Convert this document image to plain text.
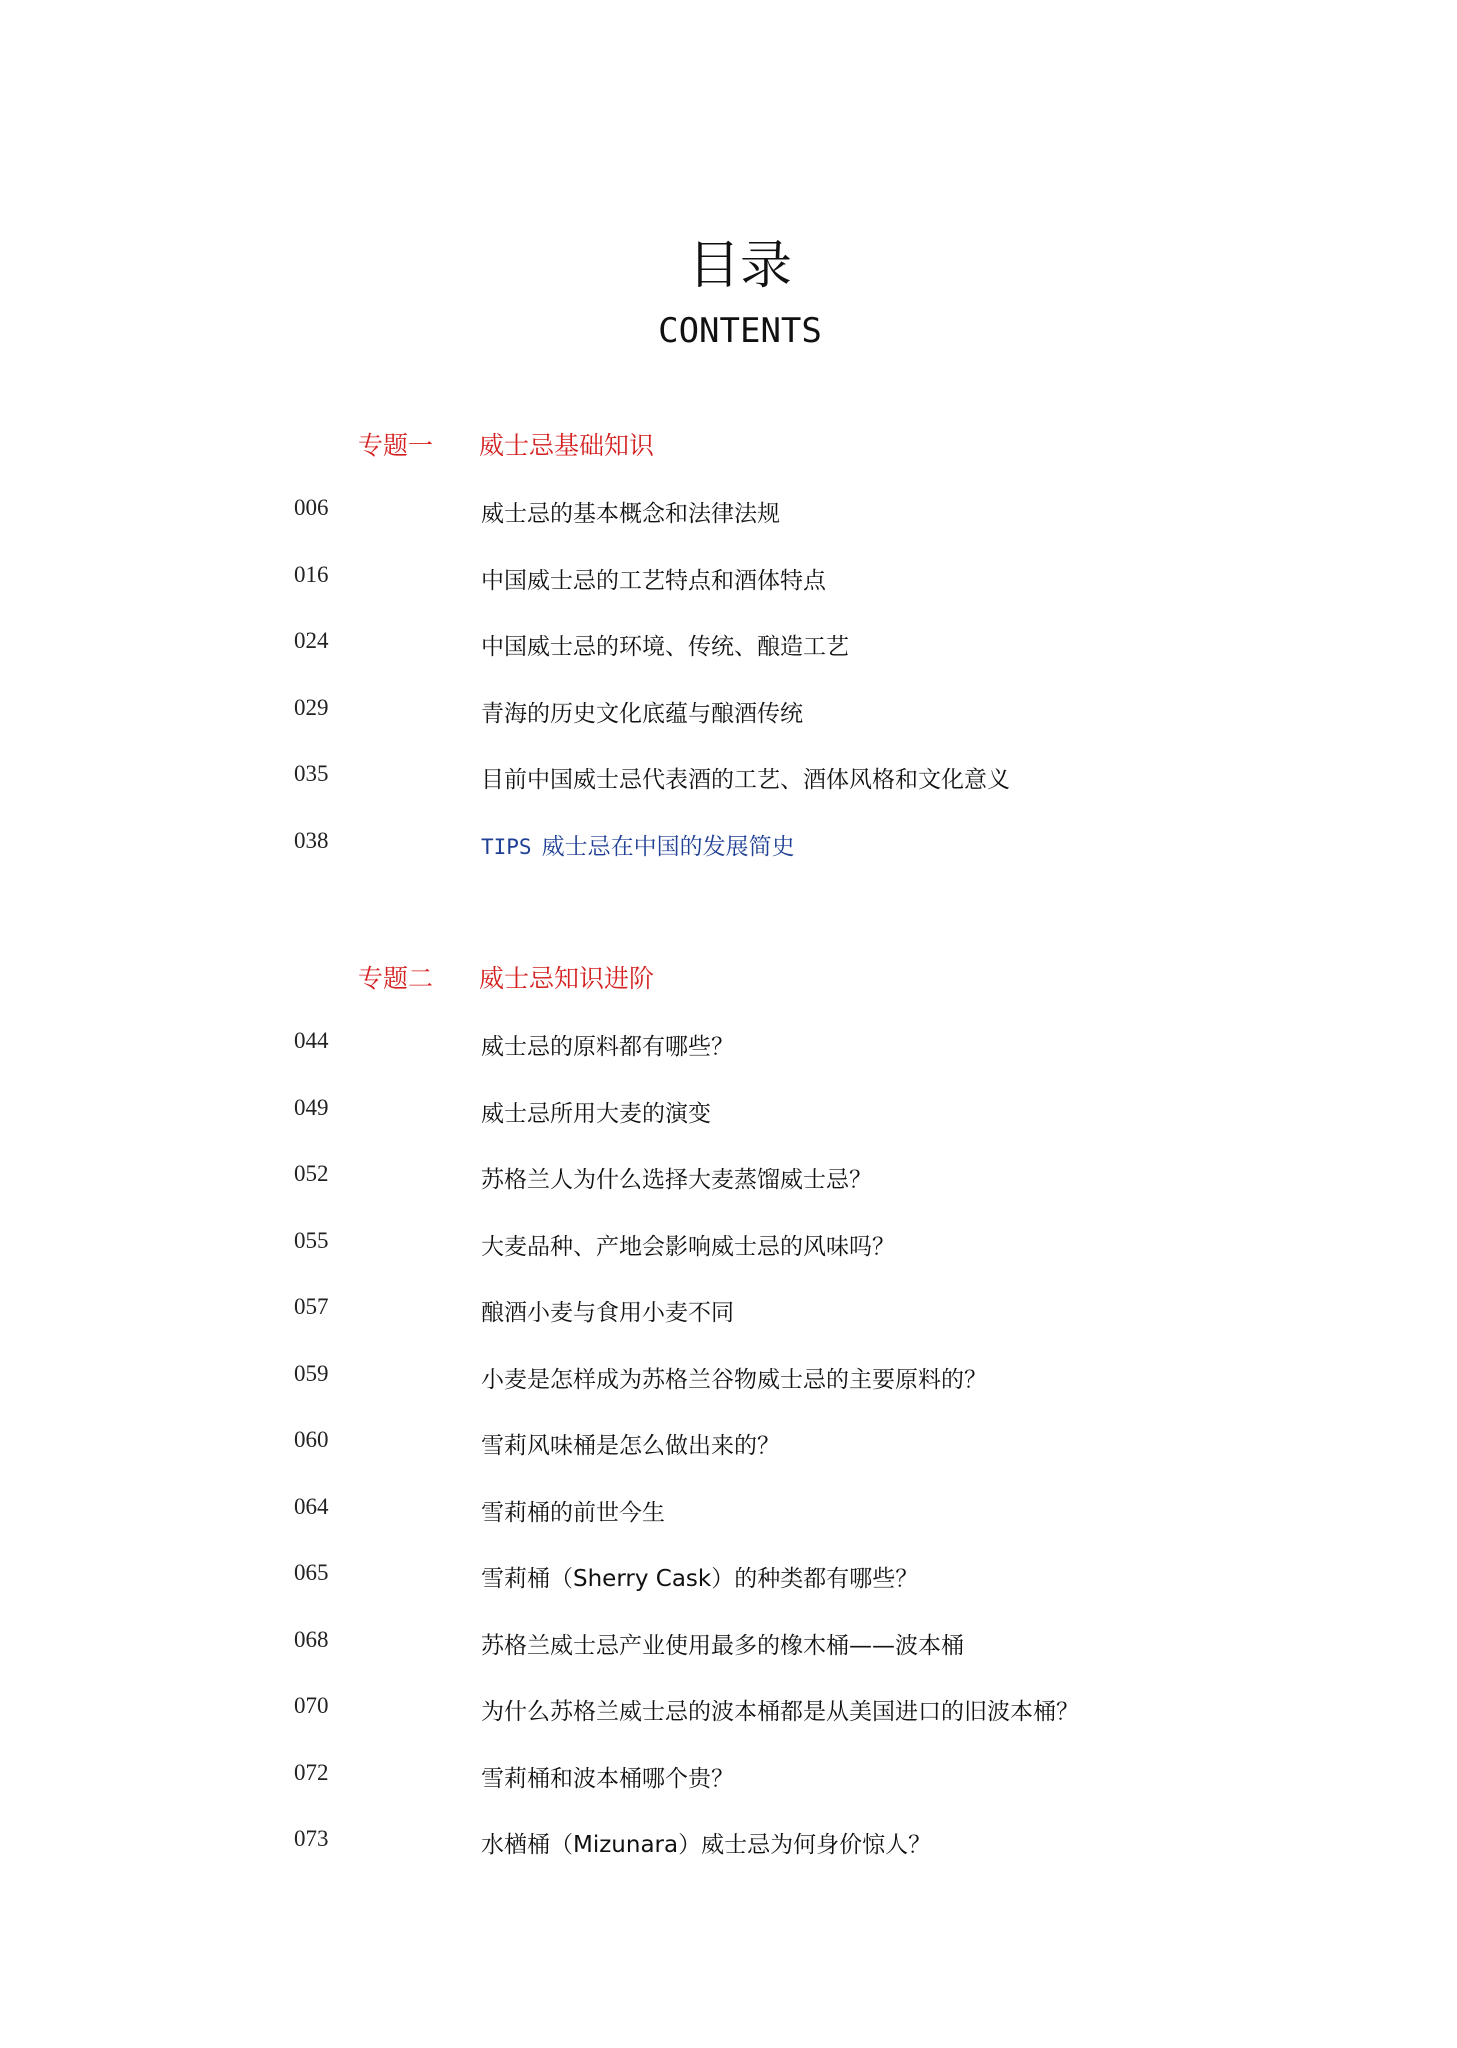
目录
CONTENTS
专题一 威士忌基础知识
006	威士忌的基本概念和法律法规
016	中国威士忌的工艺特点和酒体特点
024	中国威士忌的环境、传统、酿造工艺
029	青海的历史文化底蕴与酿酒传统
035	目前中国威士忌代表酒的工艺、酒体风格和文化意义
038	TIPS 威士忌在中国的发展简史
专题二 威士忌知识进阶
044	威士忌的原料都有哪些？
049	威士忌所用大麦的演变
052	苏格兰人为什么选择大麦蒸馏威士忌？
055	大麦品种、产地会影响威士忌的风味吗？
057	酿酒小麦与食用小麦不同
059	小麦是怎样成为苏格兰谷物威士忌的主要原料的？
060	雪莉风味桶是怎么做出来的？
064	雪莉桶的前世今生
065	雪莉桶（Sherry Cask）的种类都有哪些？
068	苏格兰威士忌产业使用最多的橡木桶——波本桶
070	为什么苏格兰威士忌的波本桶都是从美国进口的旧波本桶？
072	雪莉桶和波本桶哪个贵？
073	水楢桶（Mizunara）威士忌为何身价惊人？
